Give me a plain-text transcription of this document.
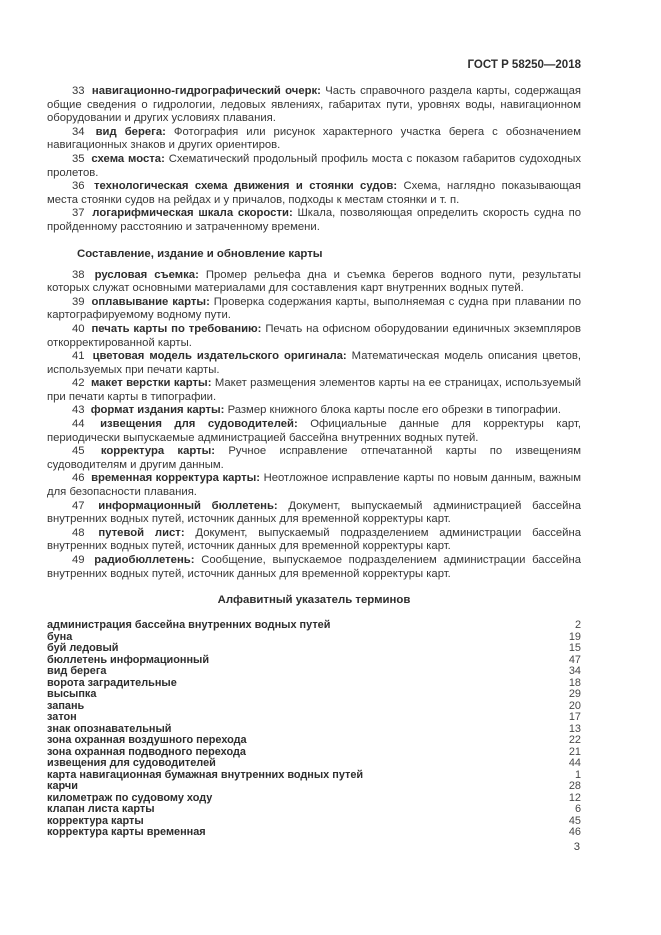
ГОСТ Р 58250—2018

33 навигационно-гидрографический очерк: Часть справочного раздела карты, содержащая общие сведения о гидрологии, ледовых явлениях, габаритах пути, уровнях воды, навигационном оборудовании и других условиях плавания.

34 вид берега: Фотография или рисунок характерного участка берега с обозначением навигационных знаков и других ориентиров.

35 схема моста: Схематический продольный профиль моста с показом габаритов судоходных пролетов.

36 технологическая схема движения и стоянки судов: Схема, наглядно показывающая места стоянки судов на рейдах и у причалов, подходы к местам стоянки и т. п.

37 логарифмическая шкала скорости: Шкала, позволяющая определить скорость судна по пройденному расстоянию и затраченному времени.

Составление, издание и обновление карты

38 русловая съемка: Промер рельефа дна и съемка берегов водного пути, результаты которых служат основными материалами для составления карт внутренних водных путей.

39 оплавывание карты: Проверка содержания карты, выполняемая с судна при плавании по картографируемому водному пути.

40 печать карты по требованию: Печать на офисном оборудовании единичных экземпляров откорректированной карты.

41 цветовая модель издательского оригинала: Математическая модель описания цветов, используемых при печати карты.

42 макет верстки карты: Макет размещения элементов карты на ее страницах, используемый при печати карты в типографии.

43 формат издания карты: Размер книжного блока карты после его обрезки в типографии.

44 извещения для судоводителей: Официальные данные для корректуры карт, периодически выпускаемые администрацией бассейна внутренних водных путей.

45 корректура карты: Ручное исправление отпечатанной карты по извещениям судоводителям и другим данным.

46 временная корректура карты: Неотложное исправление карты по новым данным, важным для безопасности плавания.

47 информационный бюллетень: Документ, выпускаемый администрацией бассейна внутренних водных путей, источник данных для временной корректуры карт.

48 путевой лист: Документ, выпускаемый подразделением администрации бассейна внутренних водных путей, источник данных для временной корректуры карт.

49 радиобюллетень: Сообщение, выпускаемое подразделением администрации бассейна внутренних водных путей, источник данных для временной корректуры карт.

Алфавитный указатель терминов
администрация бассейна внутренних водных путей	2
буна	19
буй ледовый	15
бюллетень информационный	47
вид берега	34
ворота заградительные	18
высыпка	29
запань	20
затон	17
знак опознавательный	13
зона охранная воздушного перехода	22
зона охранная подводного перехода	21
извещения для судоводителей	44
карта навигационная бумажная внутренних водных путей	1
карчи	28
километраж по судовому ходу	12
клапан листа карты	6
корректура карты	45
корректура карты временная	46
3
